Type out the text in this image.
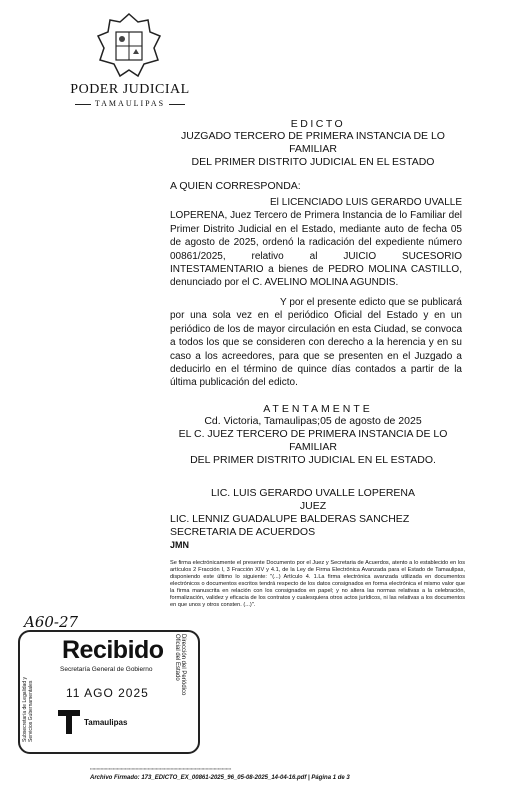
PODER JUDICIAL
TAMAULIPAS
EDICTO
JUZGADO TERCERO DE PRIMERA INSTANCIA DE LO FAMILIAR
DEL PRIMER DISTRITO JUDICIAL EN EL ESTADO
A QUIEN CORRESPONDA:
El LICENCIADO LUIS GERARDO UVALLE LOPERENA, Juez Tercero de Primera Instancia de lo Familiar del Primer Distrito Judicial en el Estado, mediante auto de fecha 05 de agosto de 2025, ordenó la radicación del expediente número 00861/2025, relativo al JUICIO SUCESORIO INTESTAMENTARIO a bienes de PEDRO MOLINA CASTILLO, denunciado por el C. AVELINO MOLINA AGUNDIS.
Y por el presente edicto que se publicará por una sola vez en el periódico Oficial del Estado y en un periódico de los de mayor circulación en esta Ciudad, se convoca a todos los que se consideren con derecho a la herencia y en su caso a los acreedores, para que se presenten en el Juzgado a deducirlo en el término de quince días contados a partir de la última publicación del edicto.
ATENTAMENTE
Cd. Victoria, Tamaulipas;05 de agosto de 2025
EL C. JUEZ TERCERO DE PRIMERA INSTANCIA DE LO FAMILIAR
DEL PRIMER DISTRITO JUDICIAL EN EL ESTADO.
LIC. LUIS GERARDO UVALLE LOPERENA
JUEZ
LIC. LENNIZ GUADALUPE BALDERAS SANCHEZ
SECRETARIA DE ACUERDOS
JMN
Se firma electrónicamente el presente Documento por el Juez y Secretaria de Acuerdos, atento a lo establecido en los artículos 2 Fracción I, 3 Fracción XIV y 4.1, de la Ley de Firma Electrónica Avanzada para el Estado de Tamaulipas, disponiendo este último lo siguiente: "(...) Artículo 4. 1.La firma electrónica avanzada utilizada en documentos electrónicos o documentos escritos tendrá respecto de los datos consignados en forma electrónica el mismo valor que la firma manuscrita en relación con los consignados en papel; y no altera las normas relativas a la celebración, formalización, validez y eficacia de los contratos y cualesquiera otros actos jurídicos, ni las relativas a los documentos en que unos y otros consten. (...)".
A60-27
Recibido
Secretaría General de Gobierno
11 AGO 2025
Subsecretaría de Legalidad y Servicios Gubernamentales
Dirección del Periódico Oficial del Estado
Tamaulipas
▪▪▪▪▪▪▪▪▪▪▪▪▪▪▪▪▪▪▪▪▪▪▪▪▪▪▪▪▪▪▪▪▪▪▪▪▪▪▪▪▪▪▪▪▪▪▪▪▪▪▪▪▪▪▪▪▪▪▪▪▪▪▪▪▪▪▪▪▪▪▪▪▪▪▪▪▪▪▪▪▪▪▪▪▪▪▪▪▪▪▪▪▪▪▪▪▪▪▪▪▪▪▪▪▪
Archivo Firmado: 173_EDICTO_EX_00861-2025_96_05-08-2025_14-04-16.pdf | Página 1 de 3
